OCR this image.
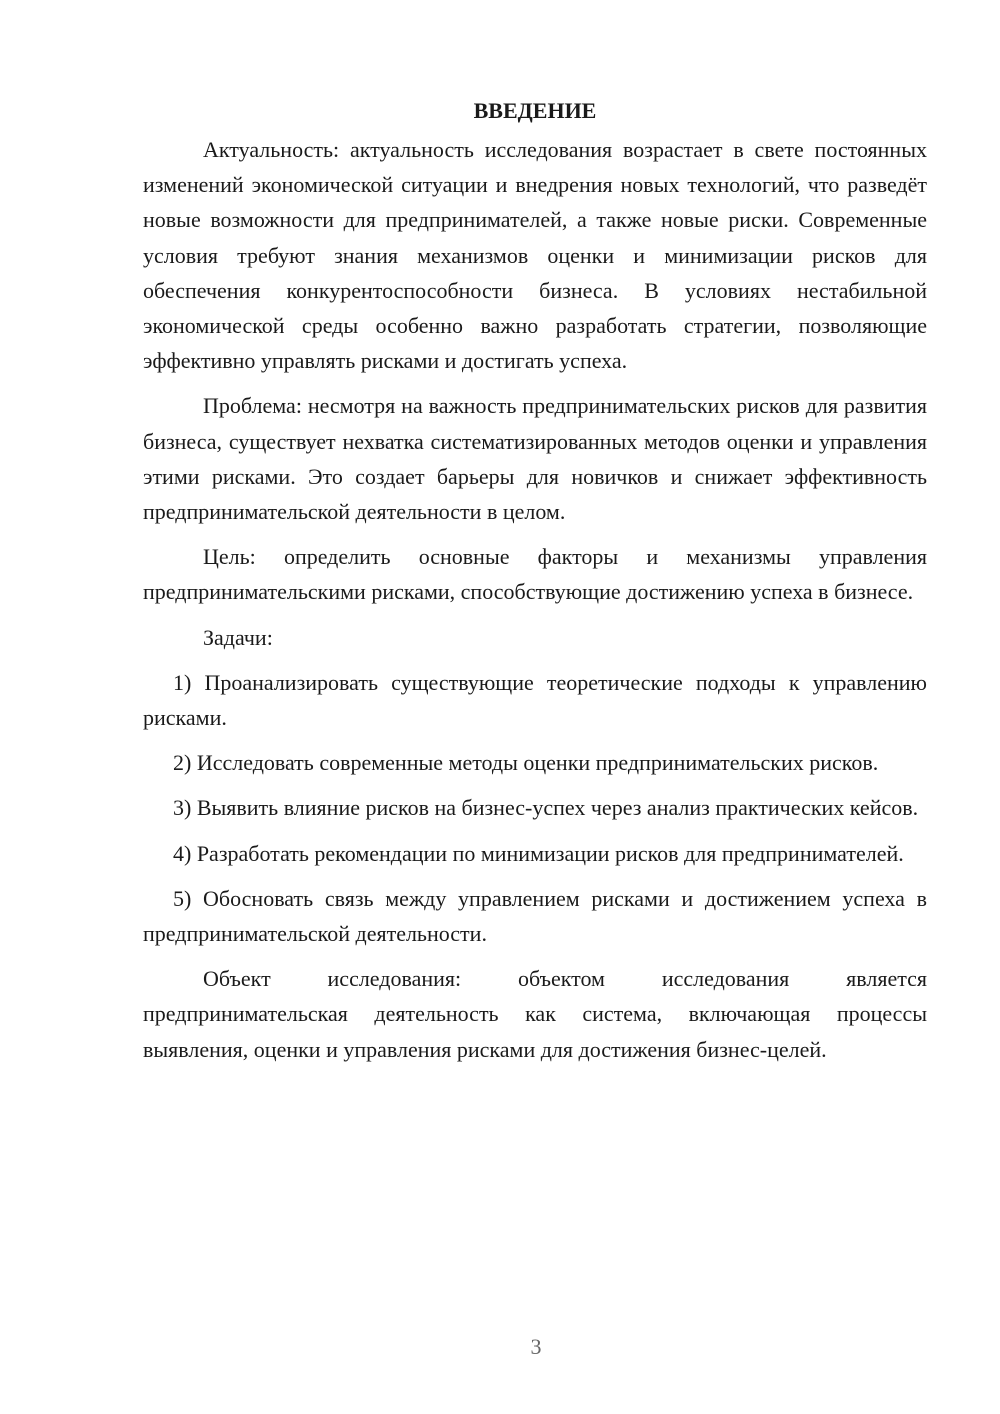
ВВЕДЕНИЕ

Актуальность: актуальность исследования возрастает в свете постоянных изменений экономической ситуации и внедрения новых технологий, что разведёт новые возможности для предпринимателей, а также новые риски. Современные условия требуют знания механизмов оценки и минимизации рисков для обеспечения конкурентоспособности бизнеса. В условиях нестабильной экономической среды особенно важно разработать стратегии, позволяющие эффективно управлять рисками и достигать успеха.

Проблема: несмотря на важность предпринимательских рисков для развития бизнеса, существует нехватка систематизированных методов оценки и управления этими рисками. Это создает барьеры для новичков и снижает эффективность предпринимательской деятельности в целом.

Цель: определить основные факторы и механизмы управления предпринимательскими рисками, способствующие достижению успеха в бизнесе.

Задачи:

1) Проанализировать существующие теоретические подходы к управлению рисками.

2) Исследовать современные методы оценки предпринимательских рисков.

3) Выявить влияние рисков на бизнес-успех через анализ практических кейсов.

4) Разработать рекомендации по минимизации рисков для предпринимателей.

5) Обосновать связь между управлением рисками и достижением успеха в предпринимательской деятельности.

Объект исследования: объектом исследования является предпринимательская деятельность как система, включающая процессы выявления, оценки и управления рисками для достижения бизнес-целей.

3
